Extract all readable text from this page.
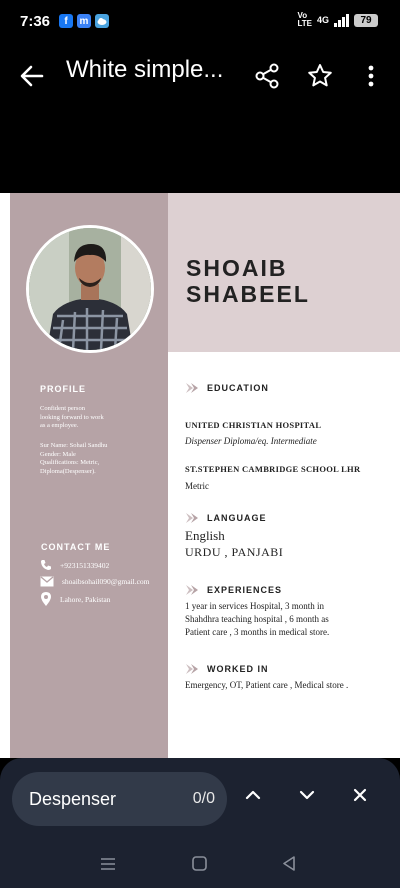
7:36	f	m	Vo
LTE 4G	79
White simple...
SHOAIB
SHABEEL
PROFILE
Confident person
looking forward to work
as a employee.
Sur Name: Sohail Sandhu
Gender: Male
Qualifications: Metric,
Diploma(Despenser).
CONTACT ME
+923151339402
shoaibsohail090@gmail.com
Lahore, Pakistan
EDUCATION
UNITED CHRISTIAN HOSPITAL
Dispenser Diploma/eq. Intermediate
ST.STEPHEN CAMBRIDGE SCHOOL LHR
Metric
LANGUAGE
English
URDU , PANJABI
EXPERIENCES
1 year in services Hospital, 3 month in
Shahdhra teaching hospital , 6 month as
Patient care , 3 months in medical store.
WORKED IN
Emergency, OT, Patient care , Medical store .
Despenser	0/0
